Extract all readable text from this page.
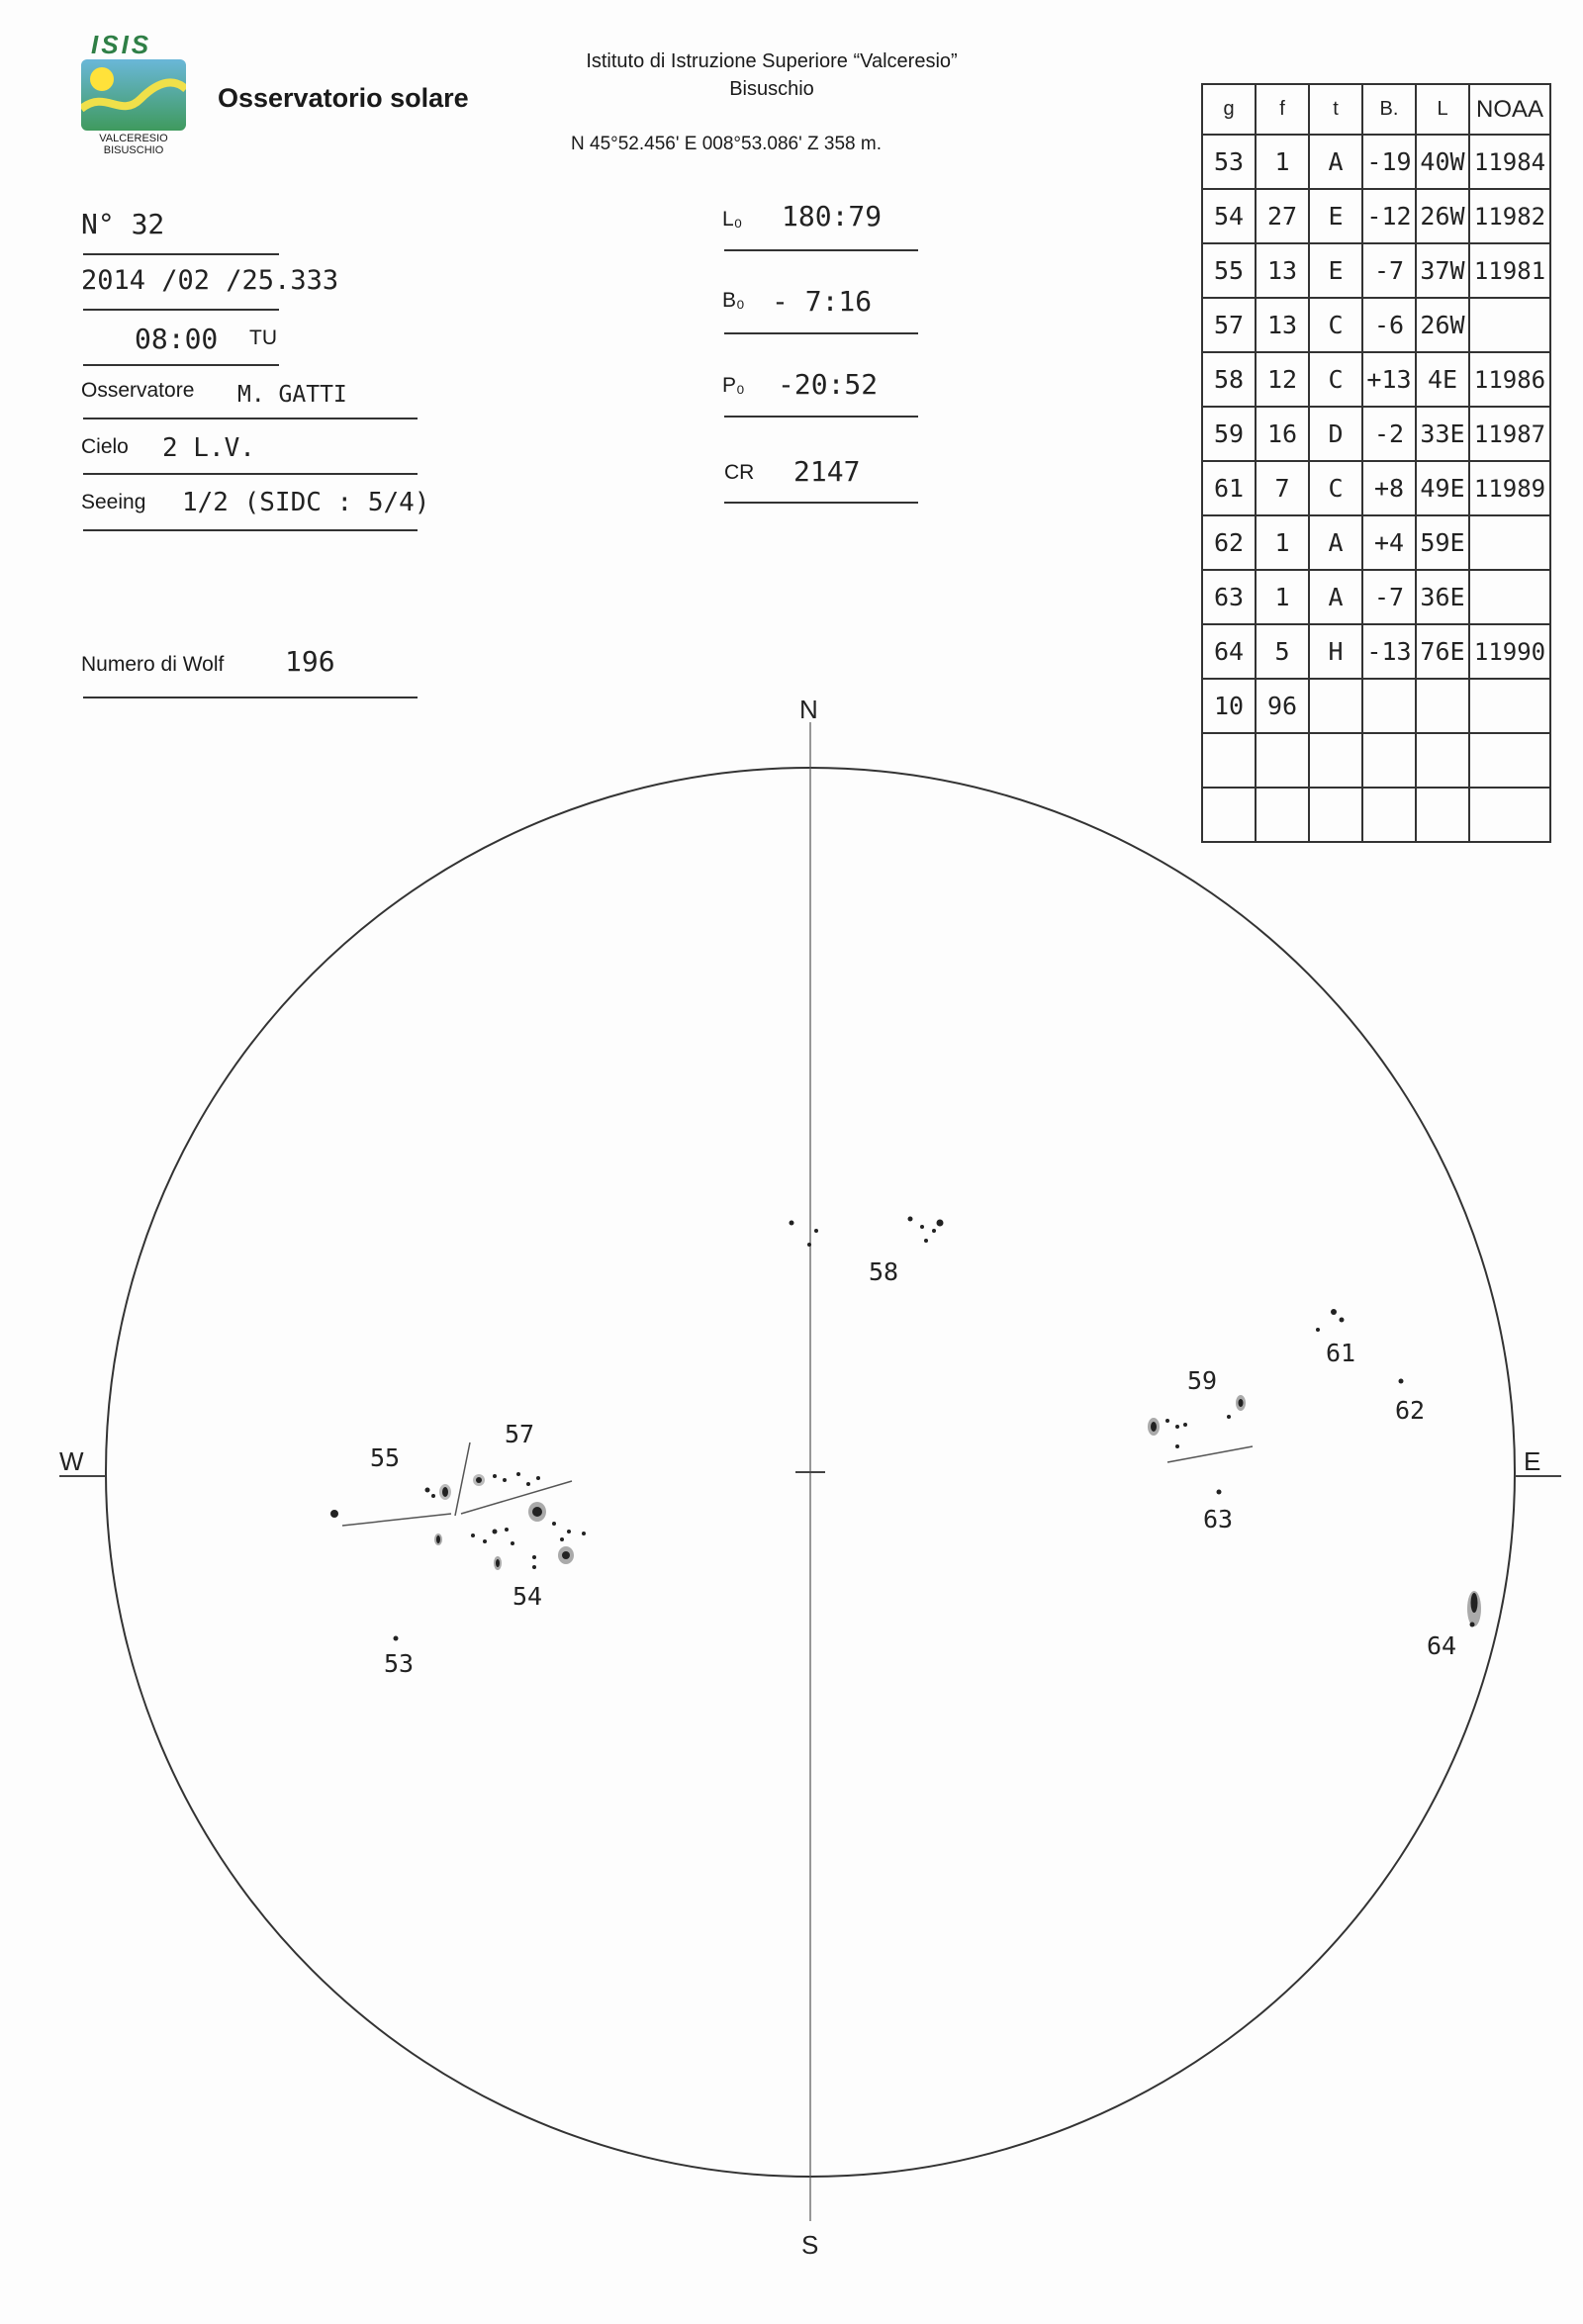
ISIS
VALCERESIO
BISUSCHIO
Osservatorio solare
Istituto di Istruzione Superiore “Valceresio”
Bisuschio
N 45°52.456' E 008°53.086' Z 358 m.
N° 32
2014 /02 /25.333
08:00 TU
Osservatore M. GATTI
Cielo 2 L.V.
Seeing 1/2 (SIDC : 5/4)
Numero di Wolf 196
L₀ 180:79
B₀ - 7:16
P₀ -20:52
CR 2147
g	f	t	B.	L	NOAA
53	1	A	-19	40W	11984
54	27	E	-12	26W	11982
55	13	E	-7	37W	11981
57	13	C	-6	26W	
58	12	C	+13	4E	11986
59	16	D	-2	33E	11987
61	7	C	+8	49E	11989
62	1	A	+4	59E	
63	1	A	-7	36E	
64	5	H	-13	76E	11990
10	96				

N
S
W	E
55
57
58
54
53
59
61
62
63
64
